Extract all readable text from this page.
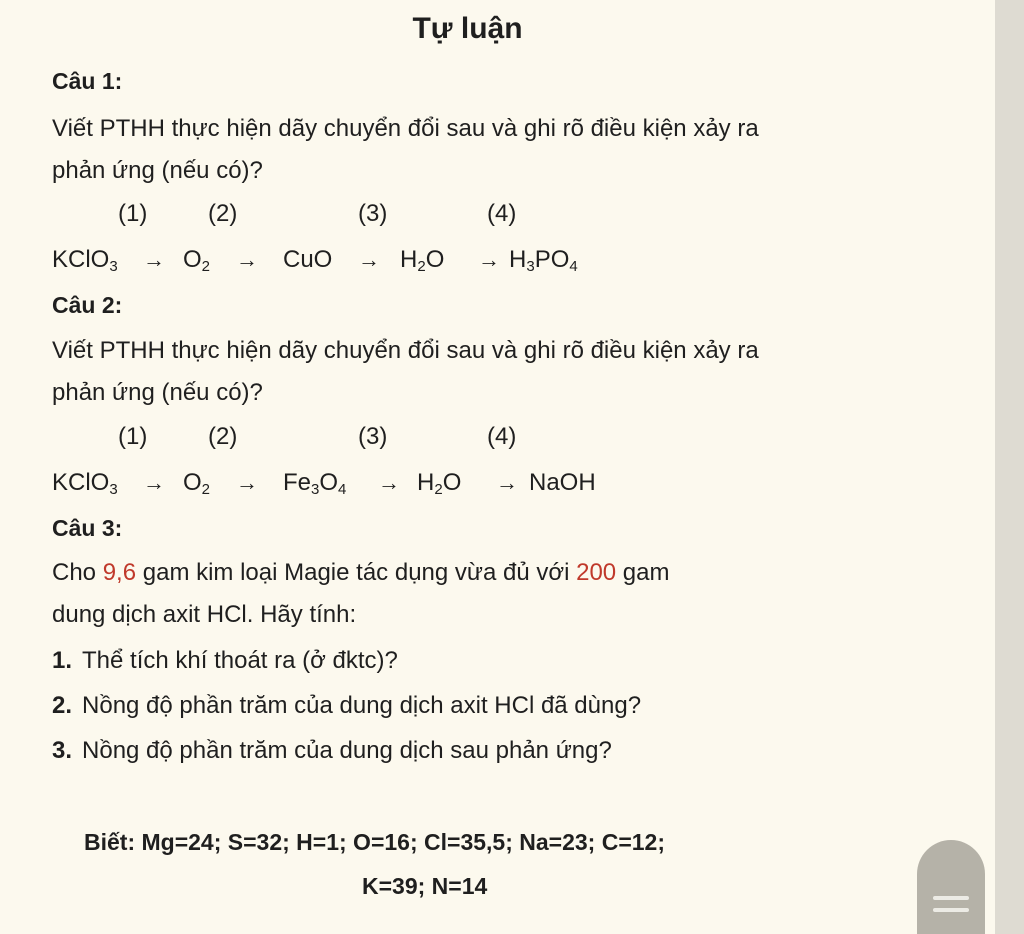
Tự luận
Câu 1:
Viết PTHH thực hiện dãy chuyển đổi sau và ghi rõ điều kiện xảy ra
phản ứng (nếu có)?
(1)	(2)	(3)	(4)
KClO$_3$ → $O_2$ → CuO → $H_2O \to H_3PO_4$
Câu 2:
Viết PTHH thực hiện dãy chuyển đổi sau và ghi rõ điều kiện xảy ra
phản ứng (nếu có)?
(1)	(2)	(3)	(4)
KClO$_3$ → $O_2 \to Fe_3O_4 \to H_2O$ → NaOH
Câu 3:
Cho 9,6 gam kim loại Magie tác dụng vừa đủ với 200 gam
dung dịch axit HCl. Hãy tính:
1. Thể tích khí thoát ra (ở đktc)?
2. Nồng độ phần trăm của dung dịch axit HCl đã dùng?
3. Nồng độ phần trăm của dung dịch sau phản ứng?
Biết: Mg=24; S=32; H=1; O=16; Cl=35,5; Na=23; C=12;
K=39; N=14
